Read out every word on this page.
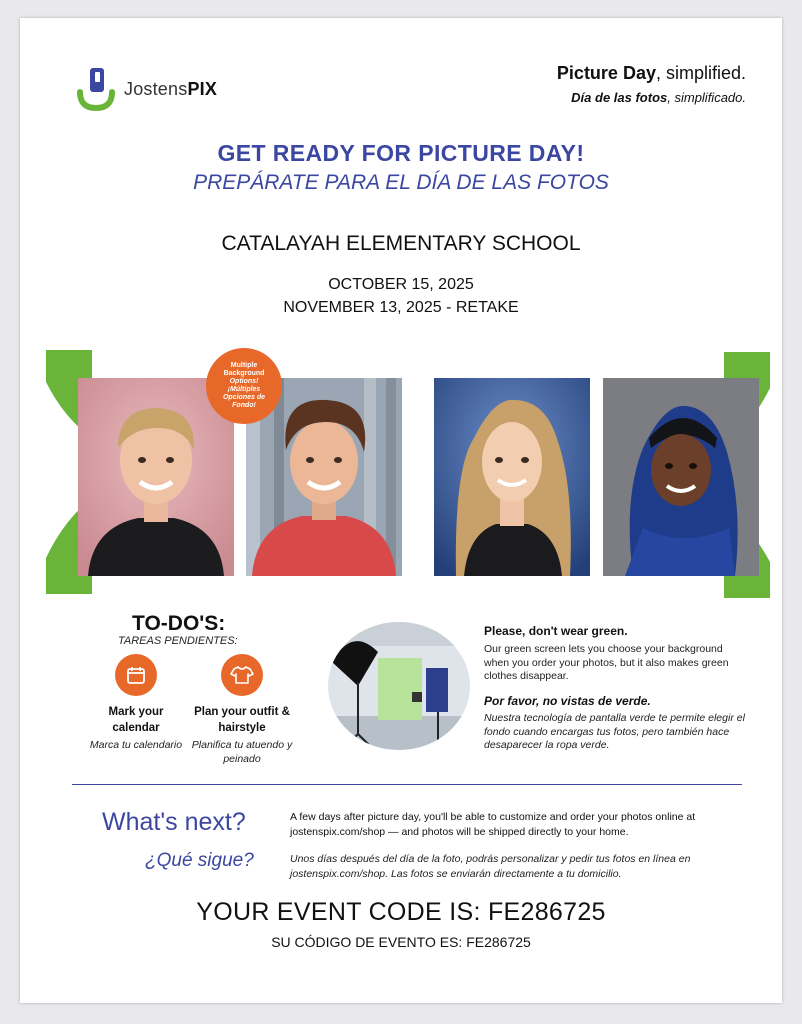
JostensPIX
Picture Day, simplified.
Día de las fotos, simplificado.
GET READY FOR PICTURE DAY!
PREPÁRATE PARA EL DÍA DE LAS FOTOS
CATALAYAH ELEMENTARY SCHOOL
OCTOBER 15, 2025
NOVEMBER 13, 2025 - RETAKE
Multiple Background
Options! ¡Múltiples Opciones de Fondo!
TO-DO'S:
TAREAS PENDIENTES:
Mark your calendar
Marca tu calendario
Plan your outfit & hairstyle
Planifica tu atuendo y peinado
Please, don't wear green.
Our green screen lets you choose your background when you order your photos, but it also makes green clothes disappear.
Por favor, no vistas de verde.
Nuestra tecnología de pantalla verde te permite elegir el fondo cuando encargas tus fotos, pero también hace desaparecer la ropa verde.
What's next?
¿Qué sigue?
A few days after picture day, you'll be able to customize and order your photos online at jostenspix.com/shop — and photos will be shipped directly to your home.
Unos días después del día de la foto, podrás personalizar y pedir tus fotos en línea en jostenspix.com/shop. Las fotos se enviarán directamente a tu domicilio.
YOUR EVENT CODE IS: FE286725
SU CÓDIGO DE EVENTO ES: FE286725
